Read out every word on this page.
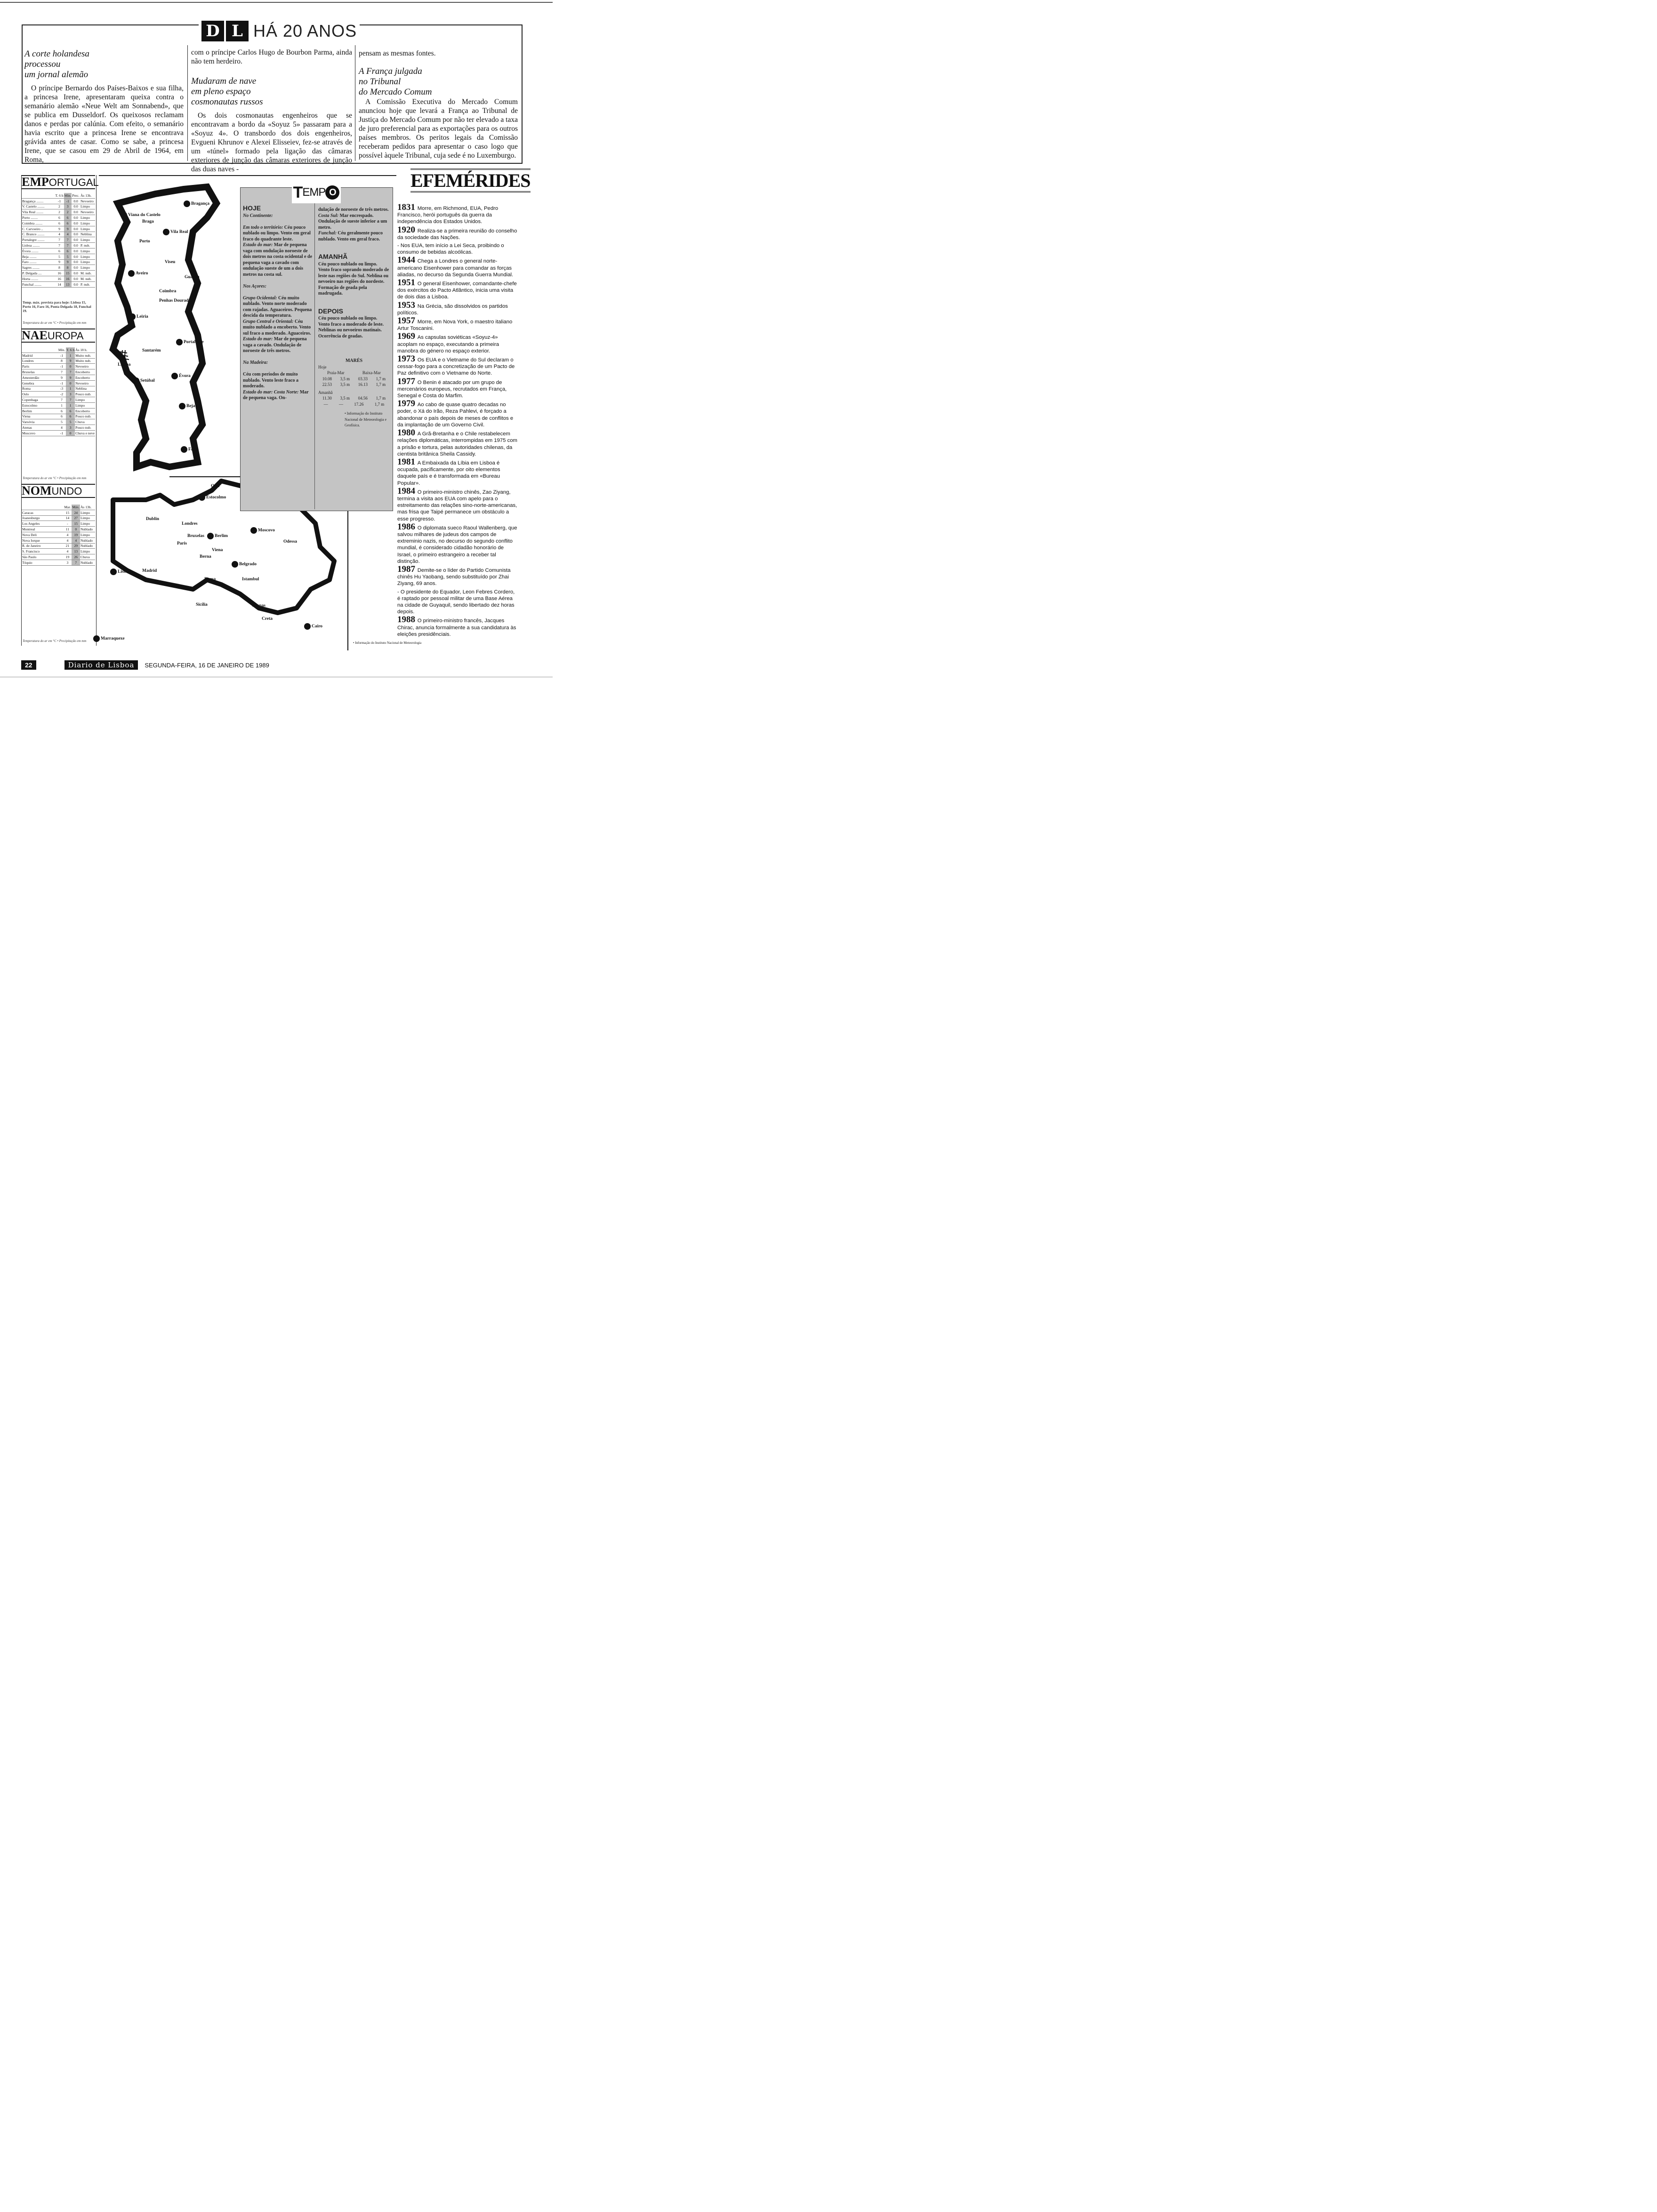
D L HÁ 20 ANOS
A corte holandesa
processou
um jornal alemão

O príncipe Bernardo dos Países-Baixos e sua filha, a princesa Irene, apresentaram queixa contra o semanário alemão «Neue Welt am Sonnabend», que se publica em Dusseldorf. Os queixosos reclamam danos e perdas por calúnia. Com efeito, o semanário havia escrito que a princesa Irene se encontrava grávida antes de casar. Como se sabe, a princesa Irene, que se casou em 29 de Abril de 1964, em Roma,

com o príncipe Carlos Hugo de Bourbon Parma, ainda não tem herdeiro.

Mudaram de nave
em pleno espaço
cosmonautas russos

Os dois cosmonautas engenheiros que se encontravam a bordo da «Soyuz 5» passaram para a «Soyuz 4». O transbordo dos dois engenheiros, Evgueni Khrunov e Alexei Elisseiev, fez-se através de um «túnel» formado pela ligação das câmaras exteriores de junção das câmaras exteriores de junção das duas naves -

pensam as mesmas fontes.

A França julgada
no Tribunal
do Mercado Comum

A Comissão Executiva do Mercado Comum anunciou hoje que levará a França ao Tribunal de Justiça do Mercado Comum por não ter elevado a taxa de juro preferencial para as exportações para os outros países membros. Os peritos legais da Comissão receberam pedidos para apresentar o caso logo que possível àquele Tribunal, cuja sede é no Luxemburgo.

EMPORTUGAL
	T. 6 h	Mín.	Prec.	Às 13h.
Bragança ........	-1	-1	0.0	Nevoeiro
V. Castelo ........	2	3	0.0	Limpo
Vila Real ........	2	2	0.0	Nevoeiro
Porto ........	6	6	0.0	Limpo
Coimbra ........	6	6	0.0	Limpo
C. Carvoeiro ..	9	9	0.0	Limpo
C. Branco ........	4	4	0.0	Neblina
Portalegre ........	7	7	0.0	Limpo
Lisboa ........	7	7	0.0	P. nub.
Évora ........	6	6	0.0	Limpo
Beja ........	5	5	0.0	Limpo
Faro ........	9	9	0.0	Limpo
Sagres ........	8	8	0.0	Limpo
P. Delgada ....	16	15	0.0	M. nub.
Horta ........	16	16	0.0	M. nub.
Funchal ........	14	13	0.0	P. nub.
Temp. máx. prevista para hoje: Lisboa 15, Porto 16, Faro 16, Ponta Delgada 18, Funchal 19.
Temperatura do ar em °C • Precipitação em mm
NAEUROPA
	Mín.	T. 6 h	Às 18 h.
Madrid	-1	1	Muito nub.
Londres	8	9	Muito nub.
Paris	-1	0	Nevoeiro
Bruxelas	7	7	Encoberto
Amesterdão	9	9	Encoberto
Genebra	-1	0	Nevoeiro
Roma	-3	1	Neblina
Oslo	-2	3	Pouco nub.
Copenhaga	7	7	Limpo
Estocolmo	1	1	Limpo
Berlim	6	6	Encoberto
Viena	6	6	Pouco nub.
Varsóvia	5	5	Chuva
Atenas	4	3	Pouco nub.
Moscovo	-1	0	Chuva e neve
Temperatura do ar em °C • Precipitação em mm
NOMUNDO
	Mar.	Máx.	Às 13h.
Caracas	15	24	Limpo
Joanesburgo	14	27	Limpo
Los Angeles	-	15	Limpo
Montreal	11	0	Nublado
Nova Deli	4	19	Limpo
Nova Iorque	4	4	Nublado
R. de Janeiro	21	29	Nublado
S. Francisco	4	13	Limpo
São Paulo	19	26	Chuva
Tóquio	3	7	Nublado
Temperatura do ar em °C • Precipitação em mm
Bragança
Viana do Castelo
Braga
Vila Real
Porto
Viseu
Aveiro
Guarda
Coimbra
Penhas Douradas
Leiria
Portalegre
Santarém
Lisboa
Setúbal
Évora
Beja
Faro
Oslo
Estocolmo
Dublin
Londres
Moscovo
Bruxelas Berlim
Paris	Odessa
Viena
Berna
Belgrado
Lisboa	Madrid
Roma	Istambul
Sicília	Atenas
Creta
Marraquexe
Cairo
• Informação do Instituto Nacional de Meteorologia
T EMP O
HOJE
No Continente:

Em todo o território: Céu pouco nublado ou limpo. Vento em geral fraco do quadrante leste.
Estado do mar: Mar de pequena vaga com ondulação noroeste de dois metros na costa ocidental e de pequena vaga a cavado com ondulação sueste de um a dois metros na costa sul.

Nos Açores:

Grupo Ocidental: Céu muito nublado. Vento norte moderado com rajadas. Aguaceiros. Pequena descida da temperatura.
Grupo Central e Oriental: Céu muito nublado a encoberto. Vento sul fraco a moderado. Aguaceiros.
Estado do mar: Mar de pequena vaga a cavado. Ondulação de noroeste de três metros.

Na Madeira:

Céu com períodos de muito nublado. Vento leste fraco a moderado.
Estado do mar: Costa Norte: Mar de pequena vaga. On-
dulação de noroeste de três metros.
Costa Sul: Mar encrespado. Ondulação de sueste inferior a um metro.
Funchal: Céu geralmente pouco nublado. Vento em geral fraco.
AMANHÃ
Céu pouco nublado ou limpo. Vento fraco soprando moderado de leste nas regiões do Sul. Neblina ou nevoeiro nas regiões do nordeste. Formação de geada pela madrugada.
DEPOIS
Céu pouco nublado ou limpo. Vento fraco a moderado de leste. Neblinas ou nevoeiros matinais. Ocorrência de geadas.
MARÉS
Hoje
Praia-Mar	Baixa-Mar
10.08 3,5 m 03.33 1,7 m
22.53 3,5 m 16.13 1,7 m
Amanhã
11.30 3,5 m 04.56 1,7 m
—	—	17.26	1,7 m
• Informação do Instituto Nacional de Meteorologia e Geofísica.
EFEMÉRIDES
1831 Morre, em Richmond, EUA, Pedro Francisco, herói português da guerra da independência dos Estados Unidos.
1920 Realiza-se a primeira reunião do conselho da sociedade das Nações.
- Nos EUA, tem início a Lei Seca, proibindo o consumo de bebidas alcoólicas.
1944 Chega a Londres o general norte-americano Eisenhower para comandar as forças aliadas, no decurso da Segunda Guerra Mundial.
1951 O general Eisenhower, comandante-chefe dos exércitos do Pacto Atlântico, inicia uma visita de dois dias a Lisboa.
1953 Na Grécia, são dissolvidos os partidos políticos.
1957 Morre, em Nova York, o maestro italiano Artur Toscanini.
1969 As capsulas soviéticas «Soyuz-4» acoplam no espaço, executando a primeira manobra do género no espaço exterior.
1973 Os EUA e o Vietname do Sul declaram o cessar-fogo para a concretização de um Pacto de Paz definitivo com o Vietname do Norte.
1977 O Benin é atacado por um grupo de mercenários europeus, recrutados em França, Senegal e Costa do Marfim.
1979 Ao cabo de quase quatro decadas no poder, o Xá do Irão, Reza Pahlevi, é forçado a abandonar o país depois de meses de conflitos e da implantação de um Governo Civil.
1980 A Grã-Bretanha e o Chile restabelecem relações diplomáticas, interrompidas em 1975 com a prisão e tortura, pelas autoridades chilenas, da cientista britânica Sheila Cassidy.
1981 A Embaixada da Líbia em Lisboa é ocupada, pacificamente, por oito elementos daquele país e é transformada em «Bureau Popular».
1984 O primeiro-ministro chinês, Zao Ziyang, termina a visita aos EUA com apelo para o estreitamento das relações sino-norte-americanas, mas frisa que Taipé permanece um obstáculo a esse progresso.
1986 O diplomata sueco Raoul Wallenberg, que salvou milhares de judeus dos campos de extreminio nazis, no decurso do segundo conflito mundial, é considerado cidadão honorário de Israel, o primeiro estrangeiro a receber tal distinção.
1987 Demite-se o líder do Partido Comunista chinês Hu Yaobang, sendo substituído por Zhai Ziyang, 69 anos.
- O presidente do Equador, Leon Febres Cordero, é raptado por pessoal militar de uma Base Aérea na cidade de Guyaquil, sendo libertado dez horas depois.
1988 O primeiro-ministro francês, Jacques Chirac, anuncia formalmente a sua candidatura às eleições presidênciais.
22	Diario de Lisboa	SEGUNDA-FEIRA, 16 DE JANEIRO DE 1989
